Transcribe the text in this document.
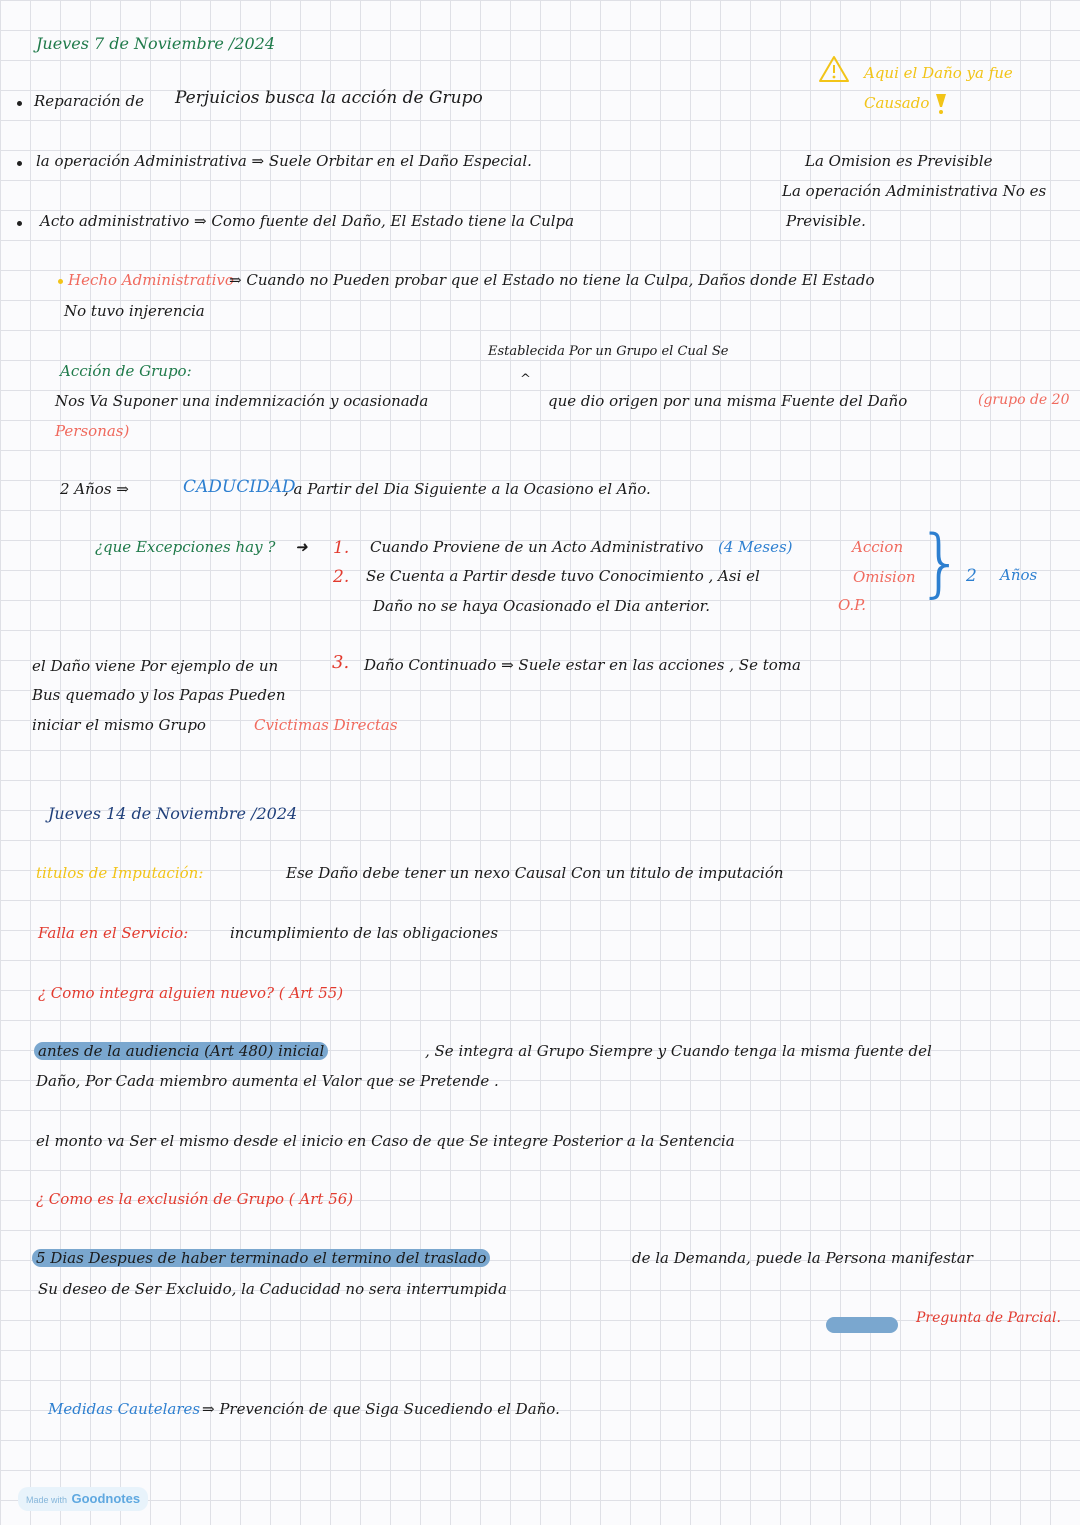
Jueves 7 de Noviembre /2024
Aqui el Daño ya fue
Causado
Reparación de Perjuicios busca la acción de Grupo
la operación Administrativa ⇒ Suele Orbitar en el Daño Especial.	La Omision es Previsible
La operación Administrativa No es
Previsible.
Acto administrativo ⇒ Como fuente del Daño, El Estado tiene la Culpa
Hecho Administrativo
⇒ Cuando no Pueden probar que el Estado no tiene la Culpa, Daños donde El Estado
No tuvo injerencia
Establecida Por un Grupo el Cual Se
Acción de Grupo:	^
Nos Va Suponer una indemnización y ocasionada	que dio origen por una misma Fuente del Daño	(grupo de 20
Personas)
2 Años ⇒	CADUCIDAD
, a Partir del Dia Siguiente a la Ocasiono el Año.
¿que Excepciones hay ? ➜ 1. Cuando Proviene de un Acto Administrativo (4 Meses)
2. Se Cuenta a Partir desde tuvo Conocimiento , Asi el
Daño no se haya Ocasionado el Dia anterior.
Accion
Omision
O.P. } 2 Años
el Daño viene Por ejemplo de un	3. Daño Continuado ⇒ Suele estar en las acciones , Se toma
Bus quemado y los Papas Pueden
iniciar el mismo Grupo	Cvictimas Directas
Jueves 14 de Noviembre /2024
titulos de Imputación:	Ese Daño debe tener un nexo Causal Con un titulo de imputación
Falla en el Servicio:	incumplimiento de las obligaciones
¿ Como integra alguien nuevo? ( Art 55)
antes de la audiencia (Art 480) inicial	, Se integra al Grupo Siempre y Cuando tenga la misma fuente del
Daño, Por Cada miembro aumenta el Valor que se Pretende .
el monto va Ser el mismo desde el inicio en Caso de que Se integre Posterior a la Sentencia
¿ Como es la exclusión de Grupo ( Art 56)
5 Dias Despues de haber terminado el termino del traslado	de la Demanda, puede la Persona manifestar
Su deseo de Ser Excluido, la Caducidad no sera interrumpida
Pregunta de Parcial.
Medidas Cautelares ⇒ Prevención de que Siga Sucediendo el Daño.
Made with Goodnotes
